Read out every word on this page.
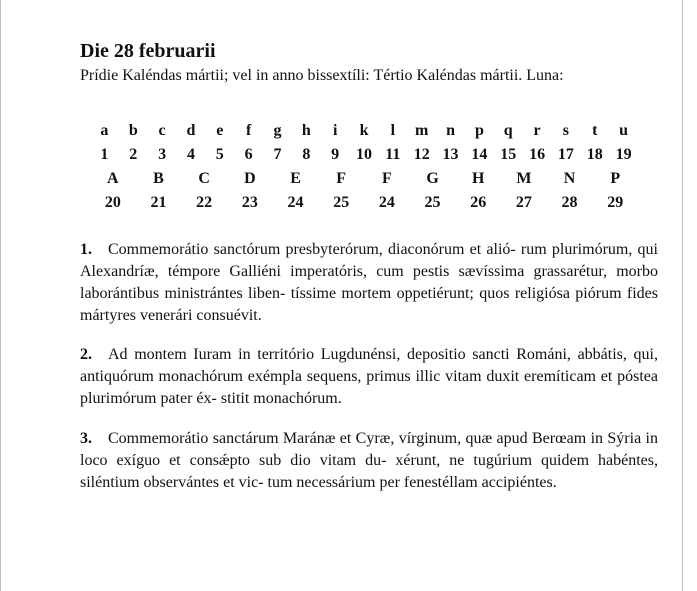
Die 28 februarii

Prídie Kaléndas mártii; vel in anno bissextíli: Tértio Kaléndas mártii. Luna:

a	b	c	d	e	f	g	h	i	k	l	m	n	p	q	r	s	t	u
1	2	3	4	5	6	7	8	9	10 11 12 13 14 15 16 17 18 19
A	B	C	D	E	F	F	G	H	M	N	P
20	21	22	23	24	25	24	25	26	27	28	29

1. Commemorátio sanctórum presbyterórum, diaconórum et alió- rum plurimórum, qui Alexandríæ, témpore Galliéni imperatóris, cum pestis sævíssima grassarétur, morbo laborántibus ministrántes liben- tíssime mortem oppetiérunt; quos religiósa piórum fides mártyres venerári consuévit.

2. Ad montem Iuram in território Lugdunénsi, depositio sancti Románi, abbátis, qui, antiquórum monachórum exémpla sequens, primus illic vitam duxit eremíticam et póstea plurimórum pater éx- stitit monachórum.

3. Commemorátio sanctárum Maránæ et Cyræ, vírginum, quæ apud Berœam in Sýria in loco exíguo et consǽpto sub dio vitam du- xérunt, ne tugúrium quidem habéntes, siléntium observántes et vic- tum necessárium per fenestéllam accipiéntes.
